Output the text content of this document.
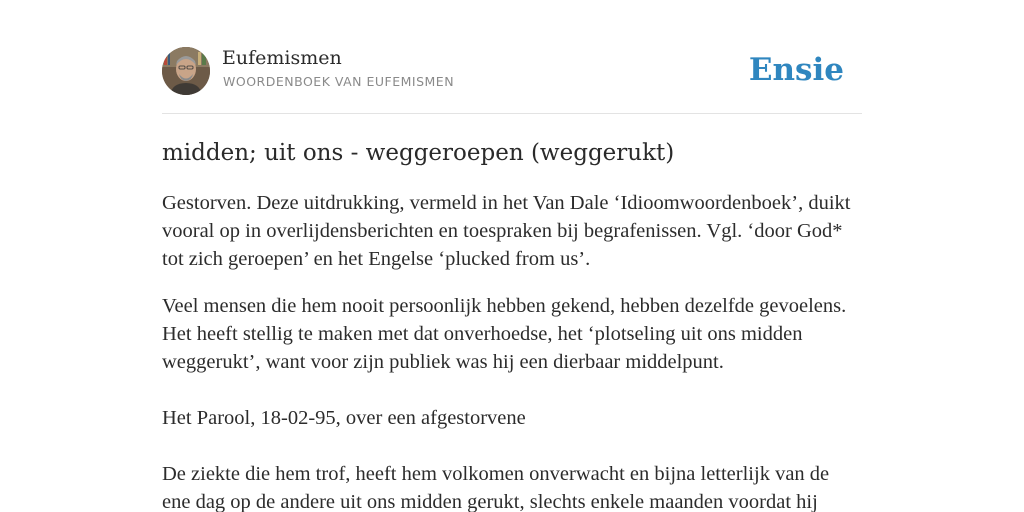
Eufemismen
WOORDENBOEK VAN EUFEMISMEN	Ensie
midden; uit ons - weggeroepen (weggerukt)

Gestorven. Deze uitdrukking, vermeld in het Van Dale ‘Idioomwoordenboek’, duikt vooral op in overlijdensberichten en toespraken bij begrafenissen. Vgl. ‘door God* tot zich geroepen’ en het Engelse ‘plucked from us’.

Veel mensen die hem nooit persoonlijk hebben gekend, hebben dezelfde gevoelens. Het heeft stellig te maken met dat onverhoedse, het ‘plotseling uit ons midden weggerukt’, want voor zijn publiek was hij een dierbaar middelpunt.

Het Parool, 18-02-95, over een afgestorvene

De ziekte die hem trof, heeft hem volkomen onverwacht en bijna letterlijk van de ene dag op de andere uit ons midden gerukt, slechts enkele maanden voordat hij
